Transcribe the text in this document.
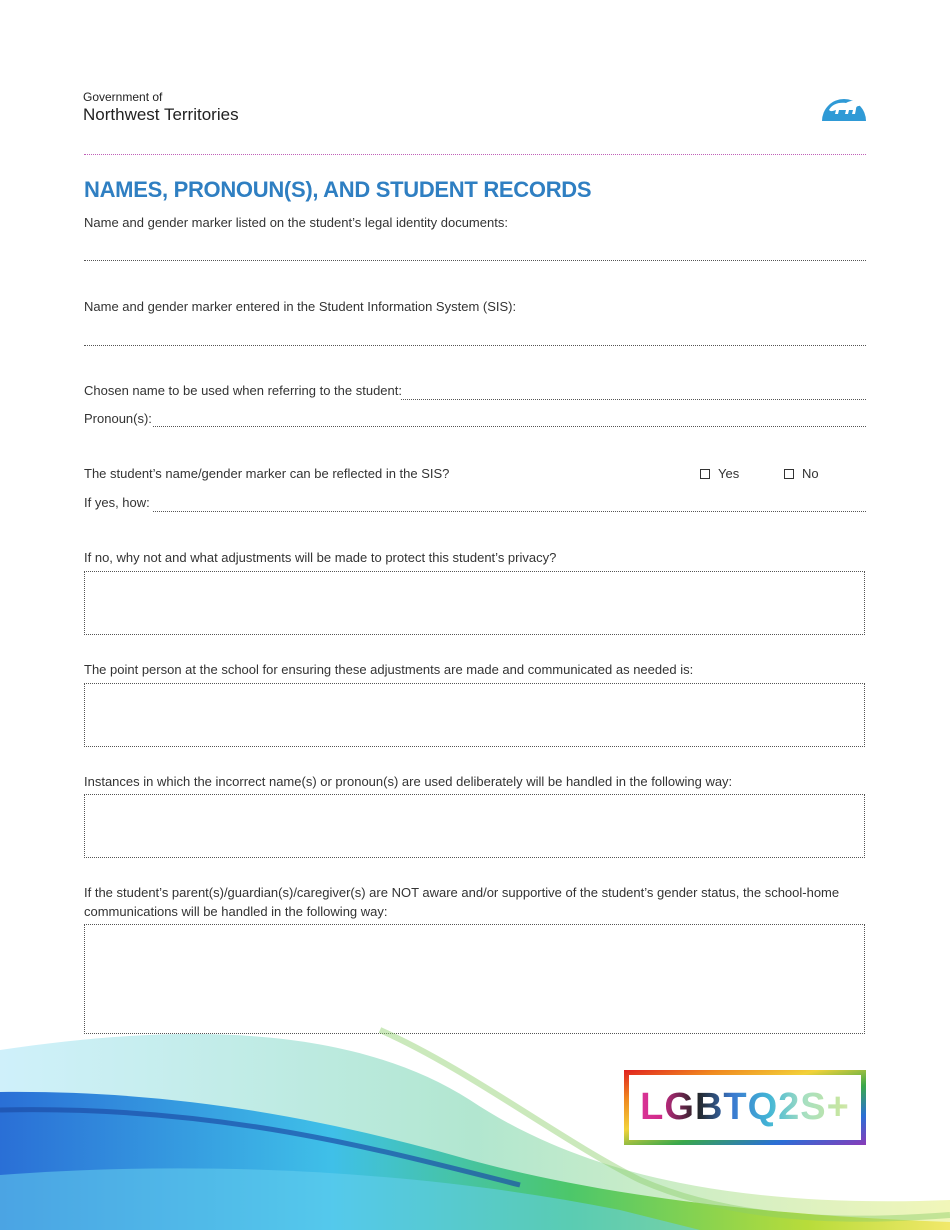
Government of
Northwest Territories
NAMES, PRONOUN(S), AND STUDENT RECORDS
Name and gender marker listed on the student’s legal identity documents:
Name and gender marker entered in the Student Information System (SIS):
Chosen name to be used when referring to the student:
Pronoun(s):
The student’s name/gender marker can be reflected in the SIS?	Yes	No
If yes, how:
If no, why not and what adjustments will be made to protect this student’s privacy?
The point person at the school for ensuring these adjustments are made and communicated as needed is:
Instances in which the incorrect name(s) or pronoun(s) are used deliberately will be handled in the following way:
If the student’s parent(s)/guardian(s)/caregiver(s) are NOT aware and/or supportive of the student’s gender status, the school-home
communications will be handled in the following way:
LGBTQ2S+
